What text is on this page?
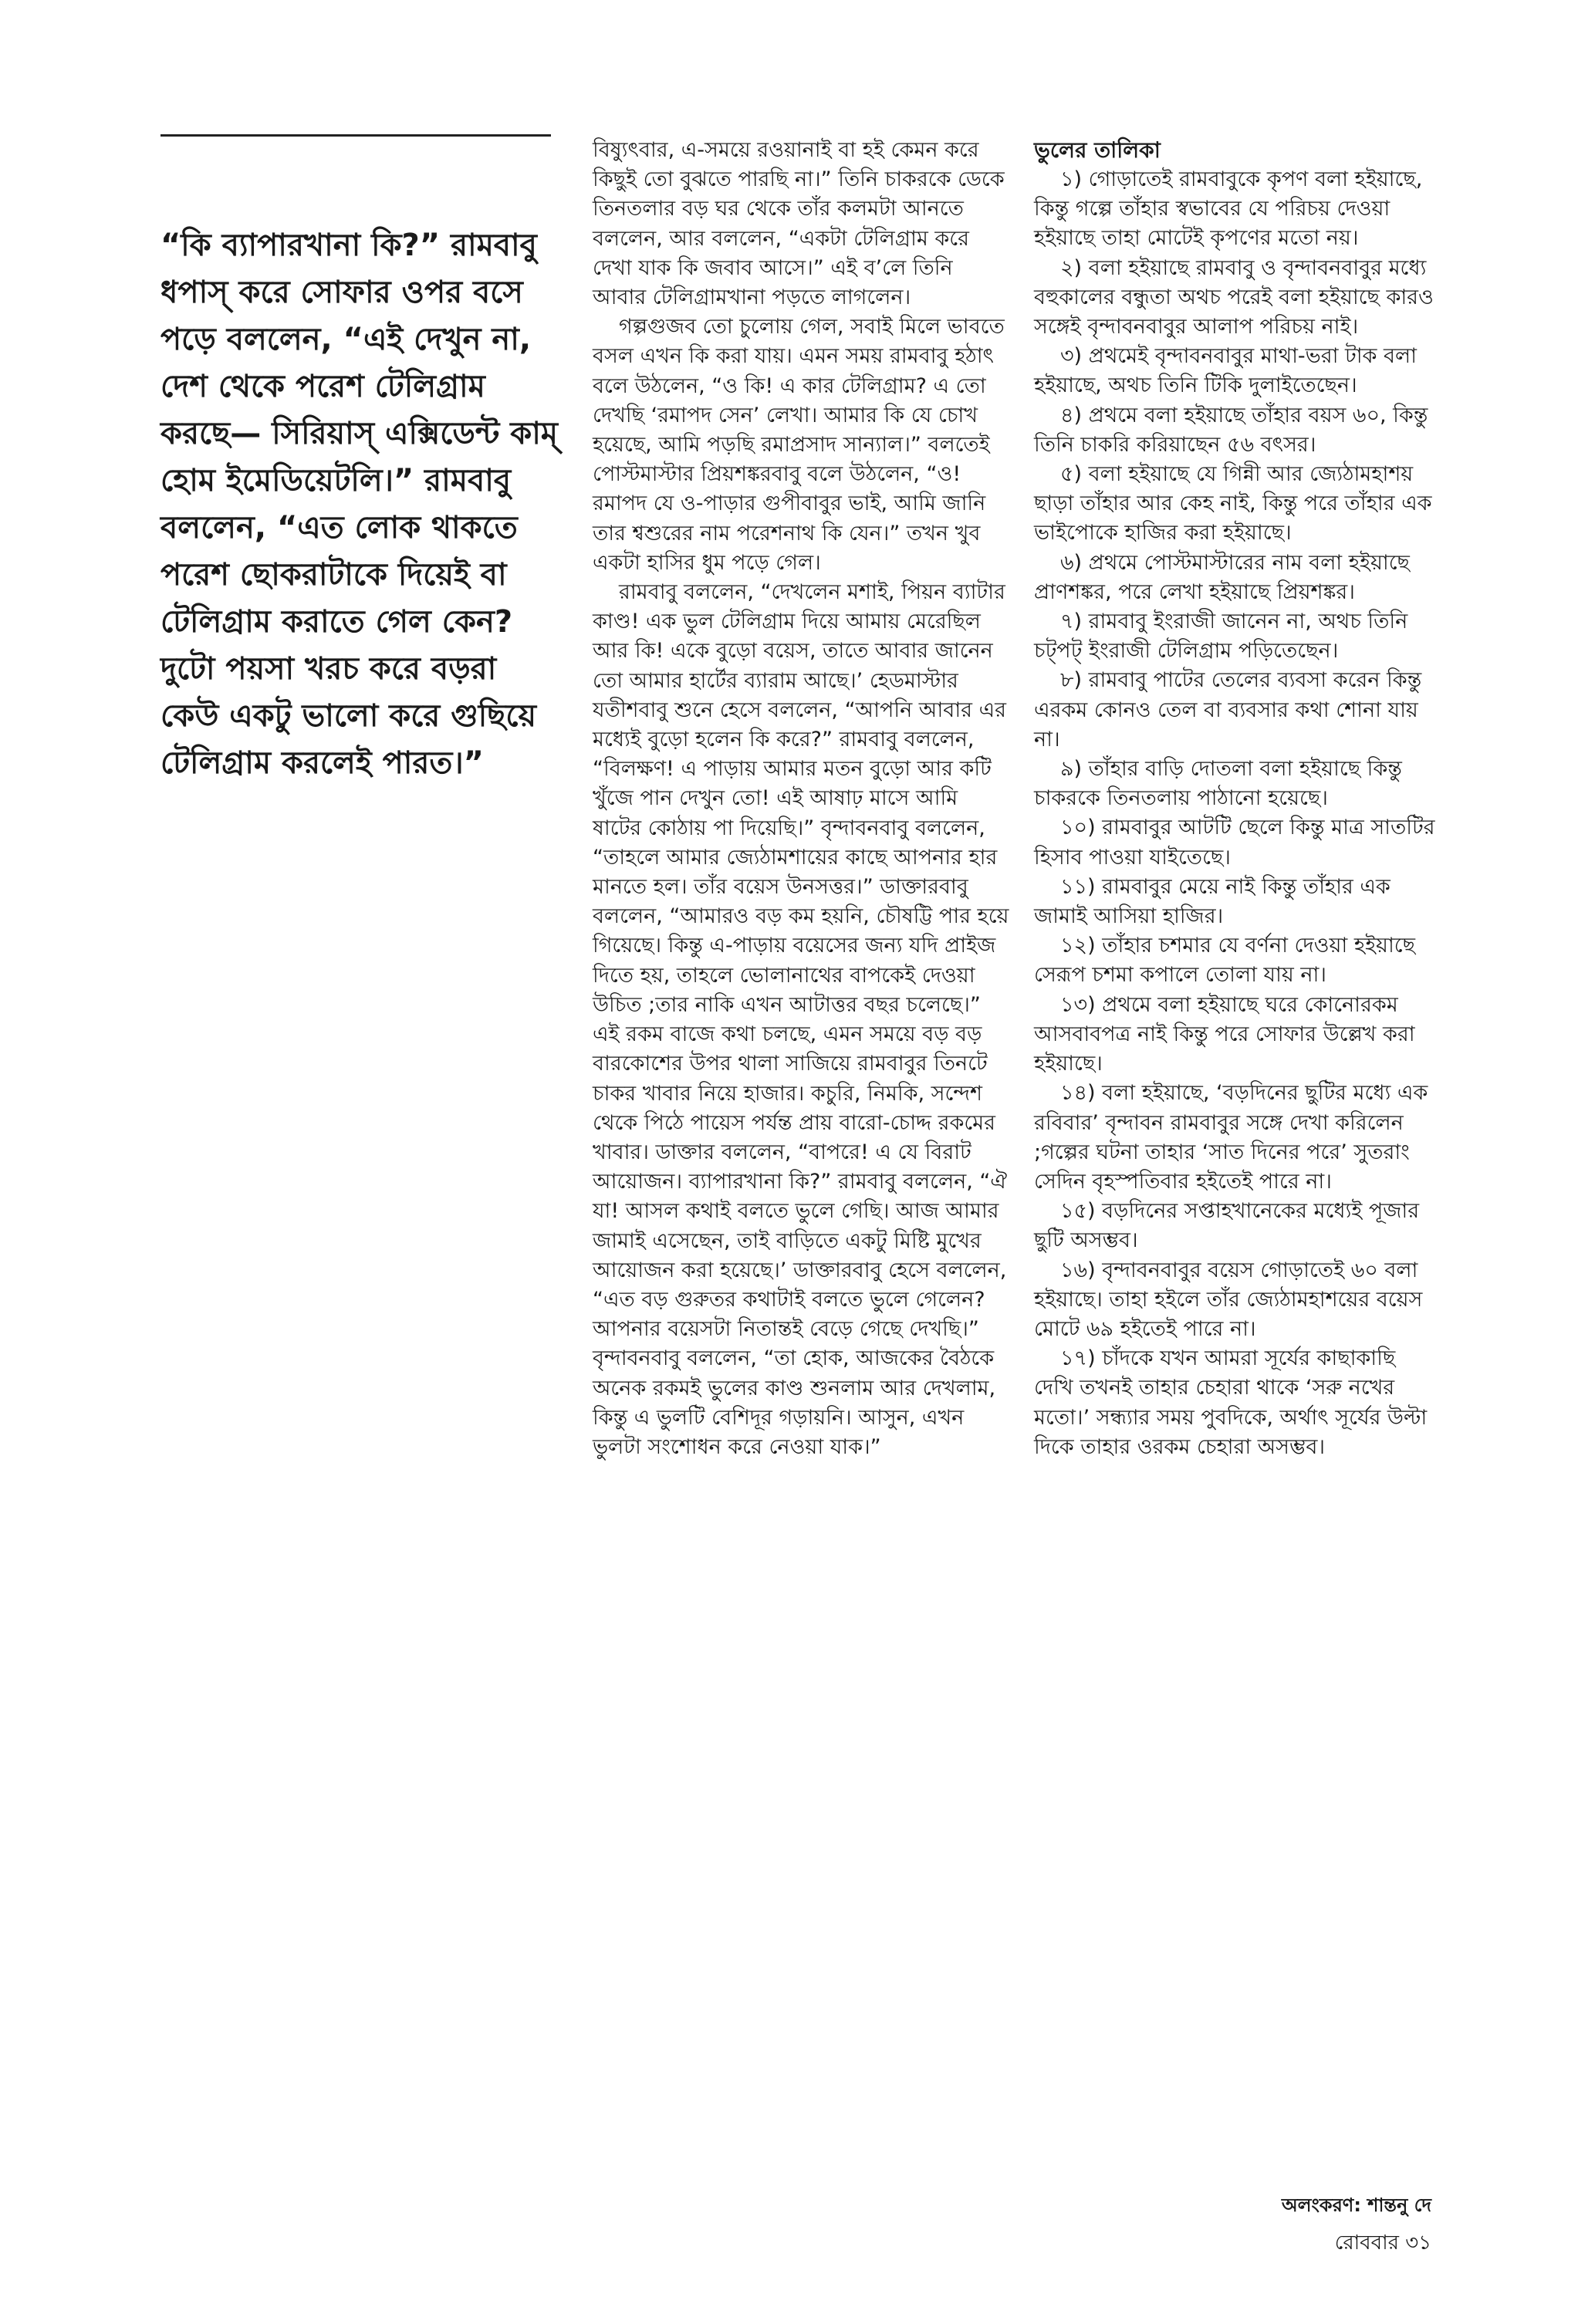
“কি ব্যাপারখানা কি?” রামবাবু ধপাস্ করে সোফার ওপর বসে পড়ে বললেন, “এই দেখুন না, দেশ থেকে পরেশ টেলিগ্রাম করছে— সিরিয়াস্ এক্সিডেন্ট কাম্ হোম ইমেডিয়েটলি।” রামবাবু বললেন, “এত লোক থাকতে পরেশ ছোকরাটাকে দিয়েই বা টেলিগ্রাম করাতে গেল কেন? দুটো পয়সা খরচ করে বড়রা কেউ একটু ভালো করে গুছিয়ে টেলিগ্রাম করলেই পারত।”

বিষ্যুৎবার, এ-সময়ে রওয়ানাই বা হই কেমন করে কিছুই তো বুঝতে পারছি না।” তিনি চাকরকে ডেকে তিনতলার বড় ঘর থেকে তাঁর কলমটা আনতে বললেন, আর বললেন, “একটা টেলিগ্রাম করে দেখা যাক কি জবাব আসে।” এই ব’লে তিনি আবার টেলিগ্রামখানা পড়তে লাগলেন।

গল্পগুজব তো চুলোয় গেল, সবাই মিলে ভাবতে বসল এখন কি করা যায়। এমন সময় রামবাবু হঠাৎ বলে উঠলেন, “ও কি! এ কার টেলিগ্রাম? এ তো দেখছি ‘রমাপদ সেন’ লেখা। আমার কি যে চোখ হয়েছে, আমি পড়ছি রমাপ্রসাদ সান্যাল।” বলতেই পোস্টমাস্টার প্রিয়শঙ্করবাবু বলে উঠলেন, “ও! রমাপদ যে ও-পাড়ার গুপীবাবুর ভাই, আমি জানি তার শ্বশুরের নাম পরেশনাথ কি যেন।” তখন খুব একটা হাসির ধুম পড়ে গেল।

রামবাবু বললেন, “দেখলেন মশাই, পিয়ন ব্যাটার কাণ্ড! এক ভুল টেলিগ্রাম দিয়ে আমায় মেরেছিল আর কি! একে বুড়ো বয়েস, তাতে আবার জানেন তো আমার হার্টের ব্যারাম আছে।’ হেডমাস্টার যতীশবাবু শুনে হেসে বললেন, “আপনি আবার এর মধ্যেই বুড়ো হলেন কি করে?” রামবাবু বললেন, “বিলক্ষণ! এ পাড়ায় আমার মতন বুড়ো আর কটি খুঁজে পান দেখুন তো! এই আষাঢ় মাসে আমি ষাটের কোঠায় পা দিয়েছি।” বৃন্দাবনবাবু বললেন, “তাহলে আমার জ্যেঠামশায়ের কাছে আপনার হার মানতে হল। তাঁর বয়েস উনসত্তর।” ডাক্তারবাবু বললেন, “আমারও বড় কম হয়নি, চৌষট্টি পার হয়ে গিয়েছে। কিন্তু এ-পাড়ায় বয়েসের জন্য যদি প্রাইজ দিতে হয়, তাহলে ভোলানাথের বাপকেই দেওয়া উচিত ;তার নাকি এখন আটাত্তর বছর চলেছে।” এই রকম বাজে কথা চলছে, এমন সময়ে বড় বড় বারকোশের উপর থালা সাজিয়ে রামবাবুর তিনটে চাকর খাবার নিয়ে হাজার। কচুরি, নিমকি, সন্দেশ থেকে পিঠে পায়েস পর্যন্ত প্রায় বারো-চোদ্দ রকমের খাবার। ডাক্তার বললেন, “বাপরে! এ যে বিরাট আয়োজন। ব্যাপারখানা কি?” রামবাবু বললেন, “ঐ যা! আসল কথাই বলতে ভুলে গেছি। আজ আমার জামাই এসেছেন, তাই বাড়িতে একটু মিষ্টি মুখের আয়োজন করা হয়েছে।’ ডাক্তারবাবু হেসে বললেন, “এত বড় গুরুতর কথাটাই বলতে ভুলে গেলেন? আপনার বয়েসটা নিতান্তই বেড়ে গেছে দেখছি।” বৃন্দাবনবাবু বললেন, “তা হোক, আজকের বৈঠকে অনেক রকমই ভুলের কাণ্ড শুনলাম আর দেখলাম, কিন্তু এ ভুলটি বেশিদূর গড়ায়নি। আসুন, এখন ভুলটা সংশোধন করে নেওয়া যাক।”

ভুলের তালিকা

১) গোড়াতেই রামবাবুকে কৃপণ বলা হইয়াছে, কিন্তু গল্পে তাঁহার স্বভাবের যে পরিচয় দেওয়া হইয়াছে তাহা মোটেই কৃপণের মতো নয়।

২) বলা হইয়াছে রামবাবু ও বৃন্দাবনবাবুর মধ্যে বহুকালের বন্ধুতা অথচ পরেই বলা হইয়াছে কারও সঙ্গেই বৃন্দাবনবাবুর আলাপ পরিচয় নাই।

৩) প্রথমেই বৃন্দাবনবাবুর মাথা-ভরা টাক বলা হইয়াছে, অথচ তিনি টিকি দুলাইতেছেন।

৪) প্রথমে বলা হইয়াছে তাঁহার বয়স ৬০, কিন্তু তিনি চাকরি করিয়াছেন ৫৬ বৎসর।

৫) বলা হইয়াছে যে গিন্নী আর জ্যেঠামহাশয় ছাড়া তাঁহার আর কেহ নাই, কিন্তু পরে তাঁহার এক ভাইপোকে হাজির করা হইয়াছে।

৬) প্রথমে পোস্টমাস্টারের নাম বলা হইয়াছে প্রাণশঙ্কর, পরে লেখা হইয়াছে প্রিয়শঙ্কর।

৭) রামবাবু ইংরাজী জানেন না, অথচ তিনি চট্পট্ ইংরাজী টেলিগ্রাম পড়িতেছেন।

৮) রামবাবু পাটের তেলের ব্যবসা করেন কিন্তু এরকম কোনও তেল বা ব্যবসার কথা শোনা যায় না।

৯) তাঁহার বাড়ি দোতলা বলা হইয়াছে কিন্তু চাকরকে তিনতলায় পাঠানো হয়েছে।

১০) রামবাবুর আটটি ছেলে কিন্তু মাত্র সাতটির হিসাব পাওয়া যাইতেছে।

১১) রামবাবুর মেয়ে নাই কিন্তু তাঁহার এক জামাই আসিয়া হাজির।

১২) তাঁহার চশমার যে বর্ণনা দেওয়া হইয়াছে সেরূপ চশমা কপালে তোলা যায় না।

১৩) প্রথমে বলা হইয়াছে ঘরে কোনোরকম আসবাবপত্র নাই কিন্তু পরে সোফার উল্লেখ করা হইয়াছে।

১৪) বলা হইয়াছে, ‘বড়দিনের ছুটির মধ্যে এক রবিবার’ বৃন্দাবন রামবাবুর সঙ্গে দেখা করিলেন ;গল্পের ঘটনা তাহার ‘সাত দিনের পরে’ সুতরাং সেদিন বৃহস্পতিবার হইতেই পারে না।

১৫) বড়দিনের সপ্তাহখানেকের মধ্যেই পূজার ছুটি অসম্ভব।

১৬) বৃন্দাবনবাবুর বয়েস গোড়াতেই ৬০ বলা হইয়াছে। তাহা হইলে তাঁর জ্যেঠামহাশয়ের বয়েস মোটে ৬৯ হইতেই পারে না।

১৭) চাঁদকে যখন আমরা সূর্যের কাছাকাছি দেখি তখনই তাহার চেহারা থাকে ‘সরু নখের মতো।’ সন্ধ্যার সময় পুবদিকে, অর্থাৎ সূর্যের উল্টা দিকে তাহার ওরকম চেহারা অসম্ভব।

অলংকরণ: শান্তনু দে
রোববার ৩১
